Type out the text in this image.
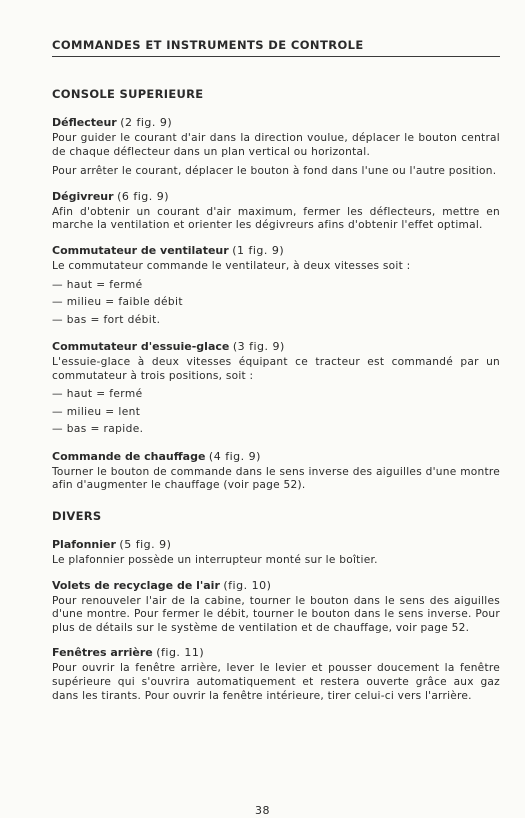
COMMANDES ET INSTRUMENTS DE CONTROLE
CONSOLE SUPERIEURE

Déflecteur (2 fig. 9)

Pour guider le courant d'air dans la direction voulue, déplacer le bouton central de chaque déflecteur dans un plan vertical ou horizontal.

Pour arrêter le courant, déplacer le bouton à fond dans l'une ou l'autre position.

Dégivreur (6 fig. 9)

Afin d'obtenir un courant d'air maximum, fermer les déflecteurs, mettre en marche la ventilation et orienter les dégivreurs afins d'obtenir l'effet optimal.

Commutateur de ventilateur (1 fig. 9)

Le commutateur commande le ventilateur, à deux vitesses soit :

— haut = fermé
— milieu = faible débit
— bas = fort débit.

Commutateur d'essuie-glace (3 fig. 9)

L'essuie-glace à deux vitesses équipant ce tracteur est commandé par un commutateur à trois positions, soit :

— haut = fermé
— milieu = lent
— bas = rapide.

Commande de chauffage (4 fig. 9)

Tourner le bouton de commande dans le sens inverse des aiguilles d'une montre afin d'augmenter le chauffage (voir page 52).

DIVERS

Plafonnier (5 fig. 9)

Le plafonnier possède un interrupteur monté sur le boîtier.

Volets de recyclage de l'air (fig. 10)

Pour renouveler l'air de la cabine, tourner le bouton dans le sens des aiguilles d'une montre. Pour fermer le débit, tourner le bouton dans le sens inverse. Pour plus de détails sur le système de ventilation et de chauffage, voir page 52.

Fenêtres arrière (fig. 11)

Pour ouvrir la fenêtre arrière, lever le levier et pousser doucement la fenêtre supérieure qui s'ouvrira automatiquement et restera ouverte grâce aux gaz dans les tirants. Pour ouvrir la fenêtre intérieure, tirer celui-ci vers l'arrière.

38
